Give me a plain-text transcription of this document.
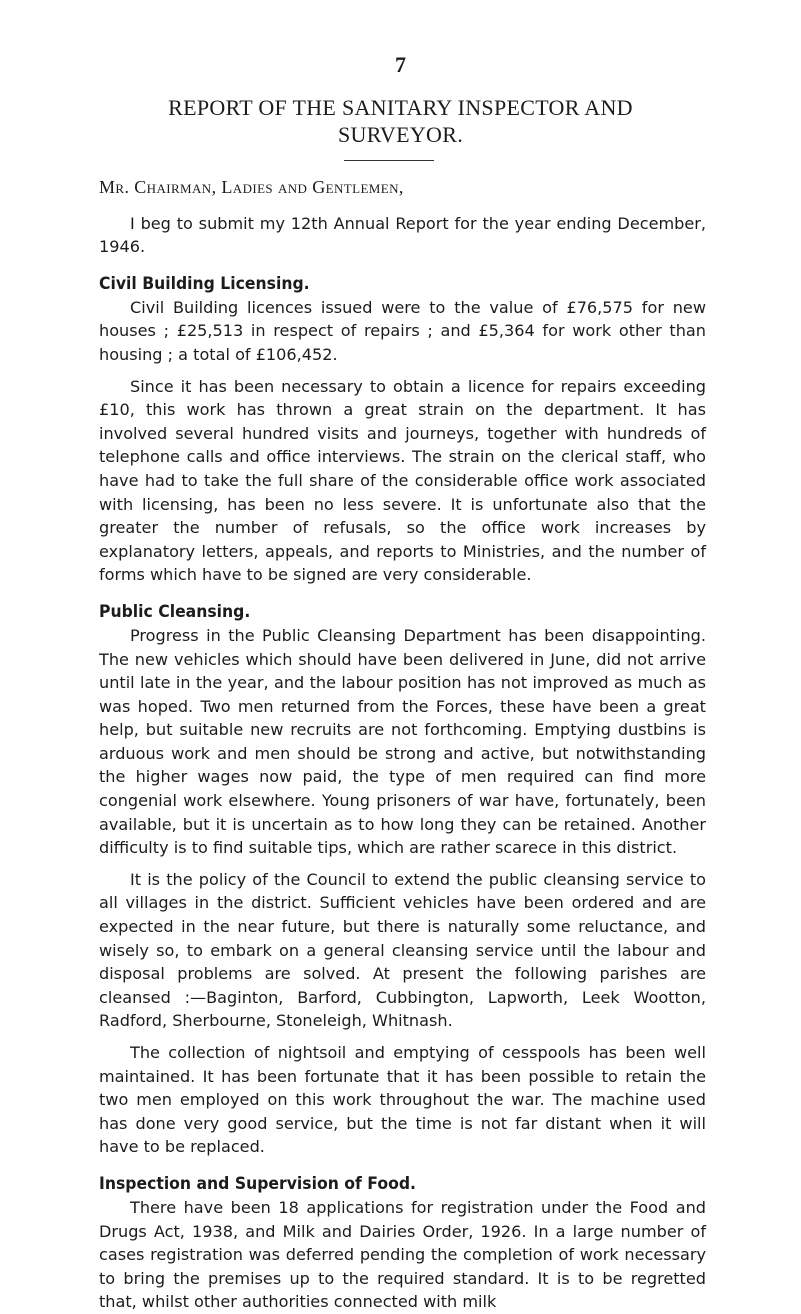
7
REPORT OF THE SANITARY INSPECTOR AND
SURVEYOR.
Mr. Chairman, Ladies and Gentlemen,

I beg to submit my 12th Annual Report for the year ending December, 1946.

Civil Building Licensing.

Civil Building licences issued were to the value of £76,575 for new houses ; £25,513 in respect of repairs ; and £5,364 for work other than housing ; a total of £106,452.

Since it has been necessary to obtain a licence for repairs exceeding £10, this work has thrown a great strain on the department. It has involved several hundred visits and journeys, together with hundreds of telephone calls and office interviews. The strain on the clerical staff, who have had to take the full share of the considerable office work associated with licensing, has been no less severe. It is unfortunate also that the greater the number of refusals, so the office work increases by explanatory letters, appeals, and reports to Ministries, and the number of forms which have to be signed are very considerable.

Public Cleansing.

Progress in the Public Cleansing Department has been disappointing. The new vehicles which should have been delivered in June, did not arrive until late in the year, and the labour position has not improved as much as was hoped. Two men returned from the Forces, these have been a great help, but suitable new recruits are not forthcoming. Emptying dustbins is arduous work and men should be strong and active, but notwithstanding the higher wages now paid, the type of men required can find more congenial work elsewhere. Young prisoners of war have, fortunately, been available, but it is uncertain as to how long they can be retained. Another difficulty is to find suitable tips, which are rather scarece in this district.

It is the policy of the Council to extend the public cleansing service to all villages in the district. Sufficient vehicles have been ordered and are expected in the near future, but there is naturally some reluctance, and wisely so, to embark on a general cleansing service until the labour and disposal problems are solved. At present the following parishes are cleansed :—Baginton, Barford, Cubbington, Lapworth, Leek Wootton, Radford, Sherbourne, Stoneleigh, Whitnash.

The collection of nightsoil and emptying of cesspools has been well maintained. It has been fortunate that it has been possible to retain the two men employed on this work throughout the war. The machine used has done very good service, but the time is not far distant when it will have to be replaced.

Inspection and Supervision of Food.

There have been 18 applications for registration under the Food and Drugs Act, 1938, and Milk and Dairies Order, 1926. In a large number of cases registration was deferred pending the completion of work necessary to bring the premises up to the required standard. It is to be regretted that, whilst other authorities connected with milk
